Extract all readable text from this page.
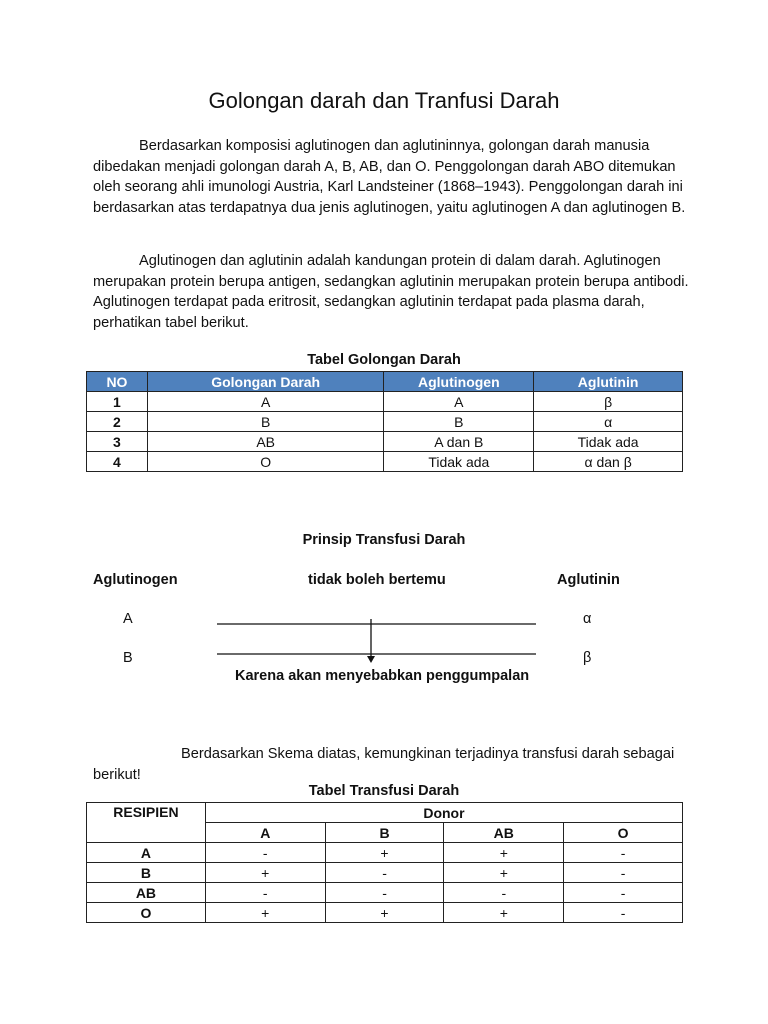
Golongan darah dan Tranfusi Darah

Berdasarkan komposisi aglutinogen dan aglutininnya, golongan darah manusia dibedakan menjadi golongan darah A, B, AB, dan O. Penggolongan darah ABO ditemukan oleh seorang ahli imunologi Austria, Karl Landsteiner (1868–1943). Penggolongan darah ini berdasarkan atas terdapatnya dua jenis aglutinogen, yaitu aglutinogen A dan aglutinogen B.

Aglutinogen dan aglutinin adalah kandungan protein di dalam darah. Aglutinogen merupakan protein berupa antigen, sedangkan aglutinin merupakan protein berupa antibodi. Aglutinogen terdapat pada eritrosit, sedangkan aglutinin terdapat pada plasma darah, perhatikan tabel berikut.

Tabel Golongan Darah
NO	Golongan Darah	Aglutinogen	Aglutinin
1	A	A	β
2	B	B	α
3	AB	A dan B	Tidak ada
4	O	Tidak ada	α dan β
Prinsip Transfusi Darah
Aglutinogen	tidak boleh bertemu	Aglutinin
A
B
α
β
Karena akan menyebabkan penggumpalan

Berdasarkan Skema diatas, kemungkinan terjadinya transfusi darah sebagai berikut!

Tabel Transfusi Darah
RESIPIEN	Donor			
	A	B	AB	O
A	-	+	+	-
B	+	-	+	-
AB	-	-	-	-
O	+	+	+	-
